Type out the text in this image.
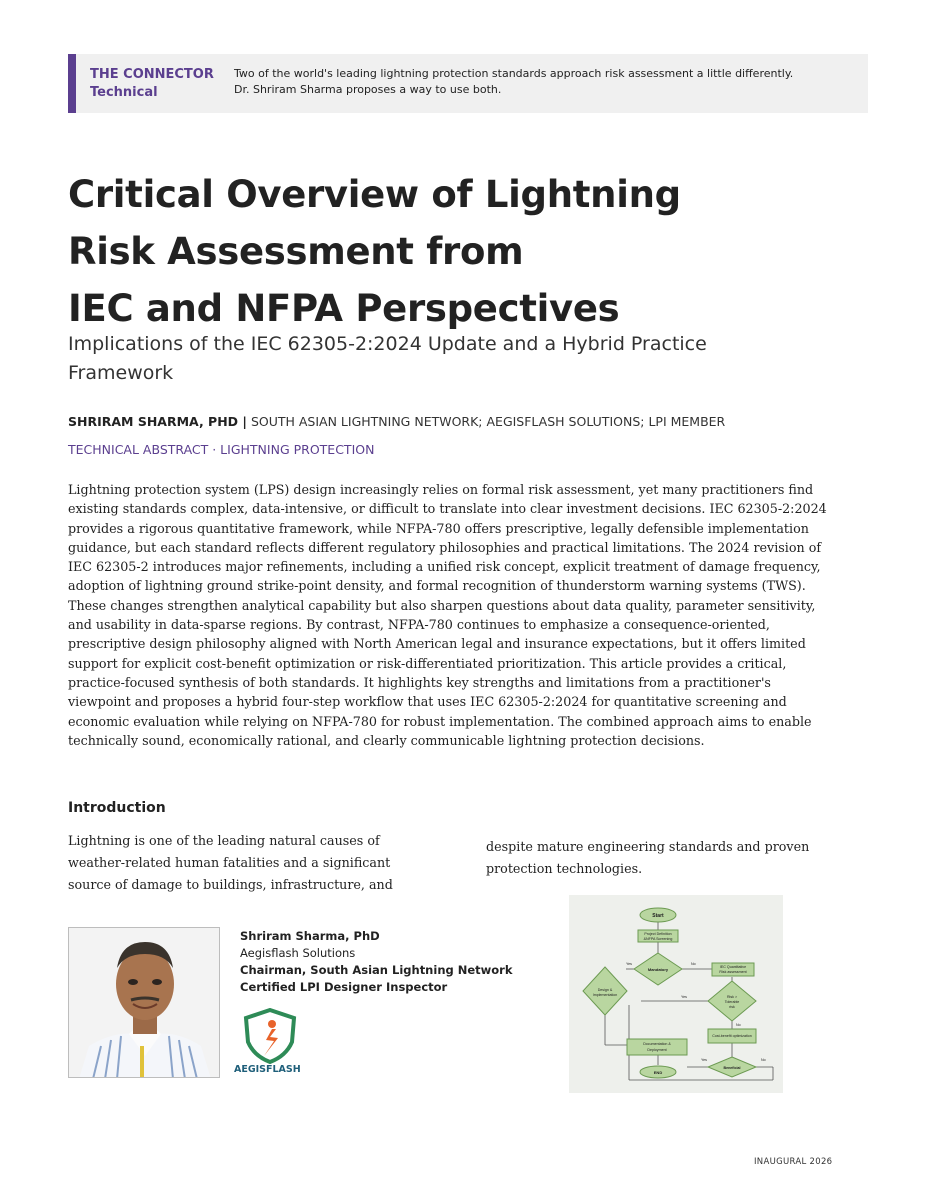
THE CONNECTOR
Technical
Two of the world's leading lightning protection standards approach risk assessment a little differently.
Dr. Shriram Sharma proposes a way to use both.
Critical Overview of Lightning
Risk Assessment from
IEC and NFPA Perspectives
Implications of the IEC 62305-2:2024 Update and a Hybrid Practice
Framework
SHRIRAM SHARMA, PHD | SOUTH ASIAN LIGHTNING NETWORK; AEGISFLASH SOLUTIONS; LPI MEMBER
TECHNICAL ABSTRACT · LIGHTNING PROTECTION

Lightning protection system (LPS) design increasingly relies on formal risk assessment, yet many practitioners find existing standards complex, data-intensive, or difficult to translate into clear investment decisions. IEC 62305-2:2024 provides a rigorous quantitative framework, while NFPA-780 offers prescriptive, legally defensible implementation guidance, but each standard reflects different regulatory philosophies and practical limitations. The 2024 revision of IEC 62305-2 introduces major refinements, including a unified risk concept, explicit treatment of damage frequency, adoption of lightning ground strike-point density, and formal recognition of thunderstorm warning systems (TWS). These changes strengthen analytical capability but also sharpen questions about data quality, parameter sensitivity, and usability in data-sparse regions. By contrast, NFPA-780 continues to emphasize a consequence-oriented, prescriptive design philosophy aligned with North American legal and insurance expectations, but it offers limited support for explicit cost-benefit optimization or risk-differentiated prioritization. This article provides a critical, practice-focused synthesis of both standards. It highlights key strengths and limitations from a practitioner's viewpoint and proposes a hybrid four-step workflow that uses IEC 62305-2:2024 for quantitative screening and economic evaluation while relying on NFPA-780 for robust implementation. The combined approach aims to enable technically sound, economically rational, and clearly communicable lightning protection decisions.

Introduction

Lightning is one of the leading natural causes of weather-related human fatalities and a significant source of damage to buildings, infrastructure, and

despite mature engineering standards and proven protection technologies.

Shriram Sharma, PhD
Aegisflash Solutions
Chairman, South Asian Lightning Network
Certified LPI Designer Inspector
AEGISFLASH
Start
Project Definition
&NFPA Screening
Mandatory
Yes	No
IEC Quantitative
Risk assessment
Design &
Implementation	Risk >
Tolerable
risk
Yes
No
Cost-benefit optimization
Documentation &
Deployment
Beneficial
Yes	No
END
INAUGURAL 2026
